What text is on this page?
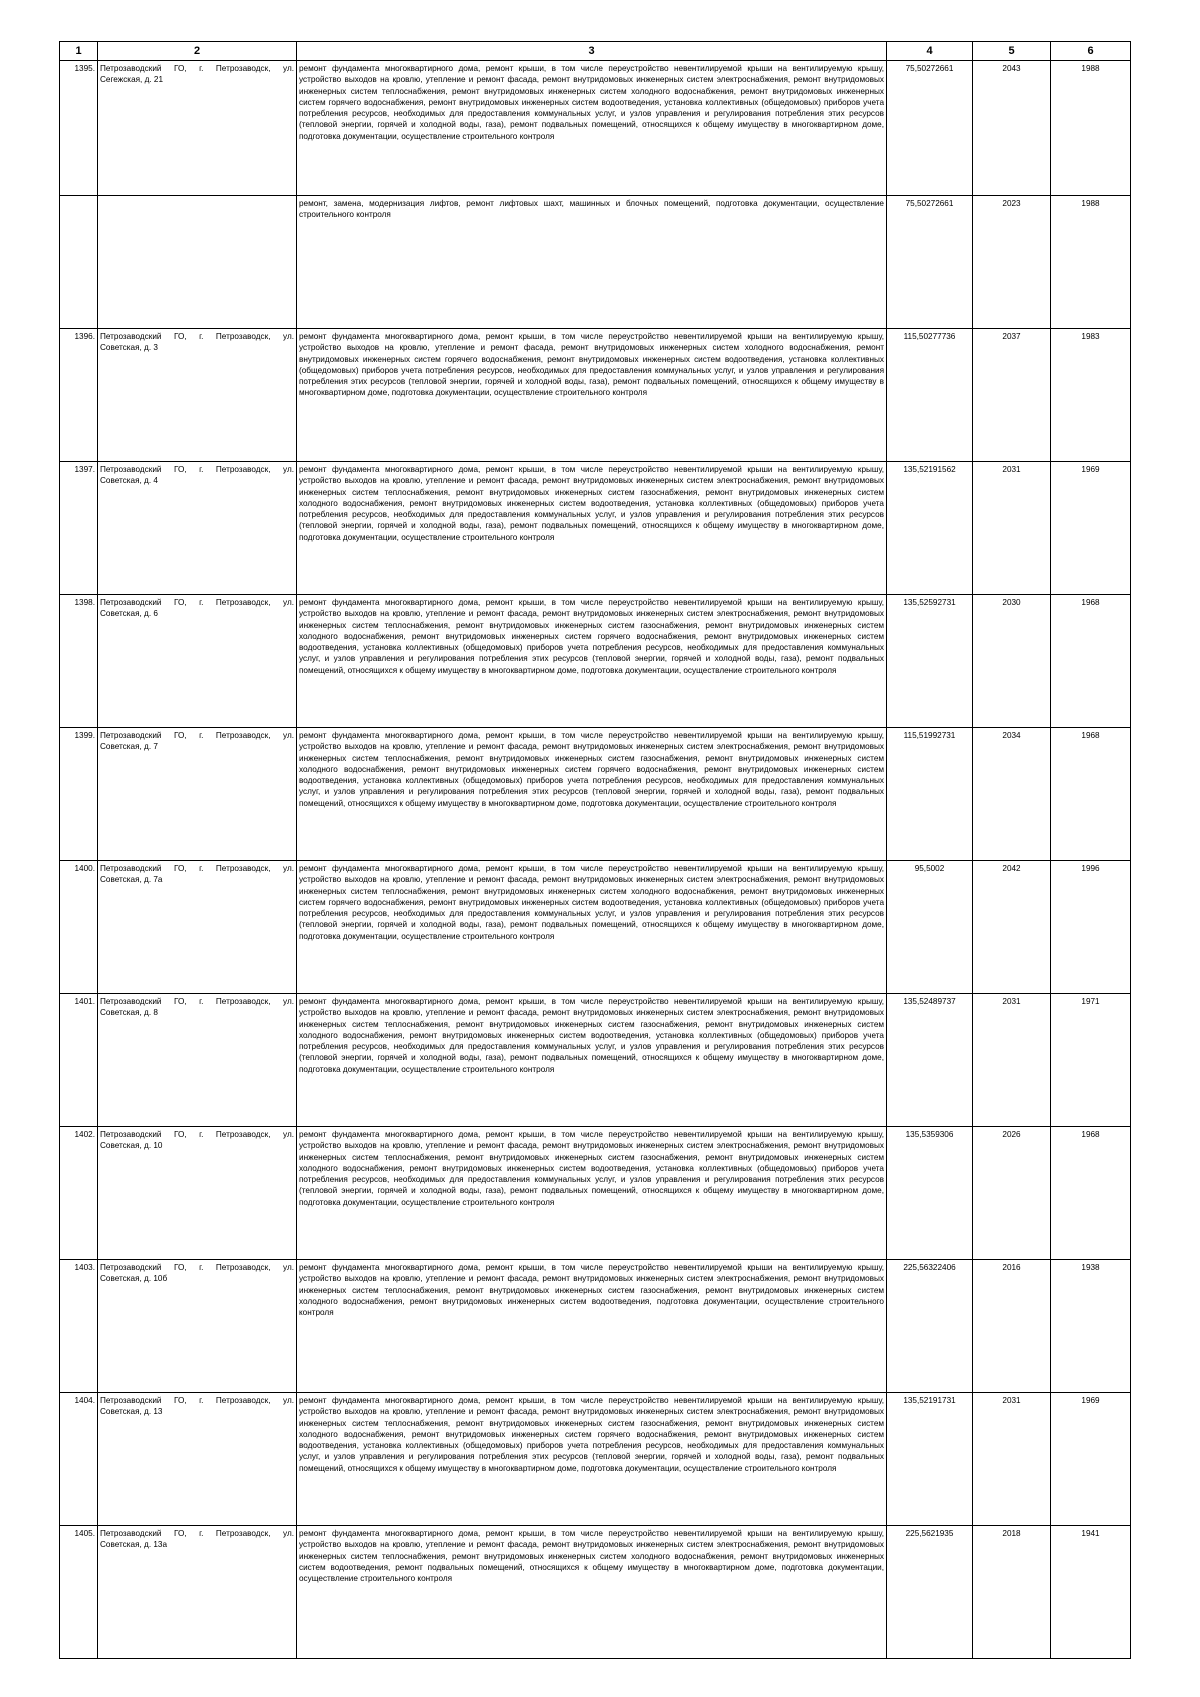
1	2	3	4	5	6
1395.	Петрозаводский ГО, г. Петрозаводск, ул. Сегежская, д. 21	ремонт фундамента многоквартирного дома, ремонт крыши, в том числе переустройство невентилируемой крыши на вентилируемую крышу, устройство выходов на кровлю, утепление и ремонт фасада, ремонт внутридомовых инженерных систем электроснабжения, ремонт внутридомовых инженерных систем теплоснабжения, ремонт внутридомовых инженерных систем холодного водоснабжения, ремонт внутридомовых инженерных систем горячего водоснабжения, ремонт внутридомовых инженерных систем водоотведения, установка коллективных (общедомовых) приборов учета потребления ресурсов, необходимых для предоставления коммунальных услуг, и узлов управления и регулирования потребления этих ресурсов (тепловой энергии, горячей и холодной воды, газа), ремонт подвальных помещений, относящихся к общему имуществу в многоквартирном доме, подготовка документации, осуществление строительного контроля	75,50272661	2043	1988
		ремонт, замена, модернизация лифтов, ремонт лифтовых шахт, машинных и блочных помещений, подготовка документации, осуществление строительного контроля	75,50272661	2023	1988
1396.	Петрозаводский ГО, г. Петрозаводск, ул. Советская, д. 3	ремонт фундамента многоквартирного дома, ремонт крыши, в том числе переустройство невентилируемой крыши на вентилируемую крышу, устройство выходов на кровлю, утепление и ремонт фасада, ремонт внутридомовых инженерных систем холодного водоснабжения, ремонт внутридомовых инженерных систем горячего водоснабжения, ремонт внутридомовых инженерных систем водоотведения, установка коллективных (общедомовых) приборов учета потребления ресурсов, необходимых для предоставления коммунальных услуг, и узлов управления и регулирования потребления этих ресурсов (тепловой энергии, горячей и холодной воды, газа), ремонт подвальных помещений, относящихся к общему имуществу в многоквартирном доме, подготовка документации, осуществление строительного контроля	115,50277736	2037	1983
1397.	Петрозаводский ГО, г. Петрозаводск, ул. Советская, д. 4	ремонт фундамента многоквартирного дома, ремонт крыши, в том числе переустройство невентилируемой крыши на вентилируемую крышу, устройство выходов на кровлю, утепление и ремонт фасада, ремонт внутридомовых инженерных систем электроснабжения, ремонт внутридомовых инженерных систем теплоснабжения, ремонт внутридомовых инженерных систем газоснабжения, ремонт внутридомовых инженерных систем холодного водоснабжения, ремонт внутридомовых инженерных систем водоотведения, установка коллективных (общедомовых) приборов учета потребления ресурсов, необходимых для предоставления коммунальных услуг, и узлов управления и регулирования потребления этих ресурсов (тепловой энергии, горячей и холодной воды, газа), ремонт подвальных помещений, относящихся к общему имуществу в многоквартирном доме, подготовка документации, осуществление строительного контроля	135,52191562	2031	1969
1398.	Петрозаводский ГО, г. Петрозаводск, ул. Советская, д. 6	ремонт фундамента многоквартирного дома, ремонт крыши, в том числе переустройство невентилируемой крыши на вентилируемую крышу, устройство выходов на кровлю, утепление и ремонт фасада, ремонт внутридомовых инженерных систем электроснабжения, ремонт внутридомовых инженерных систем теплоснабжения, ремонт внутридомовых инженерных систем газоснабжения, ремонт внутридомовых инженерных систем холодного водоснабжения, ремонт внутридомовых инженерных систем горячего водоснабжения, ремонт внутридомовых инженерных систем водоотведения, установка коллективных (общедомовых) приборов учета потребления ресурсов, необходимых для предоставления коммунальных услуг, и узлов управления и регулирования потребления этих ресурсов (тепловой энергии, горячей и холодной воды, газа), ремонт подвальных помещений, относящихся к общему имуществу в многоквартирном доме, подготовка документации, осуществление строительного контроля	135,52592731	2030	1968
1399.	Петрозаводский ГО, г. Петрозаводск, ул. Советская, д. 7	ремонт фундамента многоквартирного дома, ремонт крыши, в том числе переустройство невентилируемой крыши на вентилируемую крышу, устройство выходов на кровлю, утепление и ремонт фасада, ремонт внутридомовых инженерных систем электроснабжения, ремонт внутридомовых инженерных систем теплоснабжения, ремонт внутридомовых инженерных систем газоснабжения, ремонт внутридомовых инженерных систем холодного водоснабжения, ремонт внутридомовых инженерных систем горячего водоснабжения, ремонт внутридомовых инженерных систем водоотведения, установка коллективных (общедомовых) приборов учета потребления ресурсов, необходимых для предоставления коммунальных услуг, и узлов управления и регулирования потребления этих ресурсов (тепловой энергии, горячей и холодной воды, газа), ремонт подвальных помещений, относящихся к общему имуществу в многоквартирном доме, подготовка документации, осуществление строительного контроля	115,51992731	2034	1968
1400.	Петрозаводский ГО, г. Петрозаводск, ул. Советская, д. 7а	ремонт фундамента многоквартирного дома, ремонт крыши, в том числе переустройство невентилируемой крыши на вентилируемую крышу, устройство выходов на кровлю, утепление и ремонт фасада, ремонт внутридомовых инженерных систем электроснабжения, ремонт внутридомовых инженерных систем теплоснабжения, ремонт внутридомовых инженерных систем холодного водоснабжения, ремонт внутридомовых инженерных систем горячего водоснабжения, ремонт внутридомовых инженерных систем водоотведения, установка коллективных (общедомовых) приборов учета потребления ресурсов, необходимых для предоставления коммунальных услуг, и узлов управления и регулирования потребления этих ресурсов (тепловой энергии, горячей и холодной воды, газа), ремонт подвальных помещений, относящихся к общему имуществу в многоквартирном доме, подготовка документации, осуществление строительного контроля	95,5002	2042	1996
1401.	Петрозаводский ГО, г. Петрозаводск, ул. Советская, д. 8	ремонт фундамента многоквартирного дома, ремонт крыши, в том числе переустройство невентилируемой крыши на вентилируемую крышу, устройство выходов на кровлю, утепление и ремонт фасада, ремонт внутридомовых инженерных систем электроснабжения, ремонт внутридомовых инженерных систем теплоснабжения, ремонт внутридомовых инженерных систем газоснабжения, ремонт внутридомовых инженерных систем холодного водоснабжения, ремонт внутридомовых инженерных систем водоотведения, установка коллективных (общедомовых) приборов учета потребления ресурсов, необходимых для предоставления коммунальных услуг, и узлов управления и регулирования потребления этих ресурсов (тепловой энергии, горячей и холодной воды, газа), ремонт подвальных помещений, относящихся к общему имуществу в многоквартирном доме, подготовка документации, осуществление строительного контроля	135,52489737	2031	1971
1402.	Петрозаводский ГО, г. Петрозаводск, ул. Советская, д. 10	ремонт фундамента многоквартирного дома, ремонт крыши, в том числе переустройство невентилируемой крыши на вентилируемую крышу, устройство выходов на кровлю, утепление и ремонт фасада, ремонт внутридомовых инженерных систем электроснабжения, ремонт внутридомовых инженерных систем теплоснабжения, ремонт внутридомовых инженерных систем газоснабжения, ремонт внутридомовых инженерных систем холодного водоснабжения, ремонт внутридомовых инженерных систем водоотведения, установка коллективных (общедомовых) приборов учета потребления ресурсов, необходимых для предоставления коммунальных услуг, и узлов управления и регулирования потребления этих ресурсов (тепловой энергии, горячей и холодной воды, газа), ремонт подвальных помещений, относящихся к общему имуществу в многоквартирном доме, подготовка документации, осуществление строительного контроля	135,5359306	2026	1968
1403.	Петрозаводский ГО, г. Петрозаводск, ул. Советская, д. 10б	ремонт фундамента многоквартирного дома, ремонт крыши, в том числе переустройство невентилируемой крыши на вентилируемую крышу, устройство выходов на кровлю, утепление и ремонт фасада, ремонт внутридомовых инженерных систем электроснабжения, ремонт внутридомовых инженерных систем теплоснабжения, ремонт внутридомовых инженерных систем газоснабжения, ремонт внутридомовых инженерных систем холодного водоснабжения, ремонт внутридомовых инженерных систем водоотведения, подготовка документации, осуществление строительного контроля	225,56322406	2016	1938
1404.	Петрозаводский ГО, г. Петрозаводск, ул. Советская, д. 13	ремонт фундамента многоквартирного дома, ремонт крыши, в том числе переустройство невентилируемой крыши на вентилируемую крышу, устройство выходов на кровлю, утепление и ремонт фасада, ремонт внутридомовых инженерных систем электроснабжения, ремонт внутридомовых инженерных систем теплоснабжения, ремонт внутридомовых инженерных систем газоснабжения, ремонт внутридомовых инженерных систем холодного водоснабжения, ремонт внутридомовых инженерных систем горячего водоснабжения, ремонт внутридомовых инженерных систем водоотведения, установка коллективных (общедомовых) приборов учета потребления ресурсов, необходимых для предоставления коммунальных услуг, и узлов управления и регулирования потребления этих ресурсов (тепловой энергии, горячей и холодной воды, газа), ремонт подвальных помещений, относящихся к общему имуществу в многоквартирном доме, подготовка документации, осуществление строительного контроля	135,52191731	2031	1969
1405.	Петрозаводский ГО, г. Петрозаводск, ул. Советская, д. 13а	ремонт фундамента многоквартирного дома, ремонт крыши, в том числе переустройство невентилируемой крыши на вентилируемую крышу, устройство выходов на кровлю, утепление и ремонт фасада, ремонт внутридомовых инженерных систем электроснабжения, ремонт внутридомовых инженерных систем теплоснабжения, ремонт внутридомовых инженерных систем холодного водоснабжения, ремонт внутридомовых инженерных систем водоотведения, ремонт подвальных помещений, относящихся к общему имуществу в многоквартирном доме, подготовка документации, осуществление строительного контроля	225,5621935	2018	1941
